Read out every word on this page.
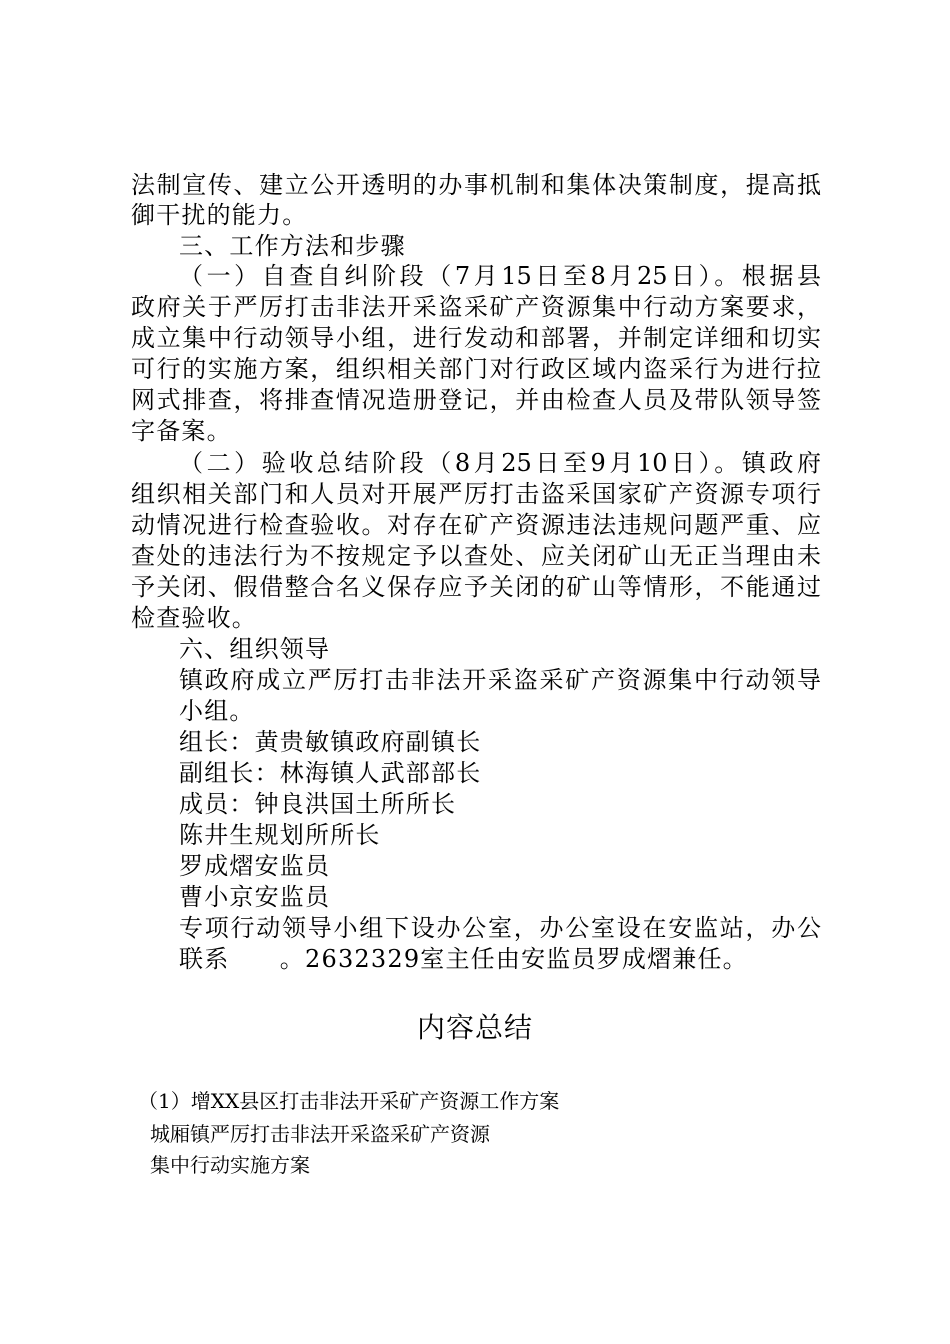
法制宣传、建立公开透明的办事机制和集体决策制度，提高抵
御干扰的能力。
三、工作方法和步骤
（一）自查自纠阶段（7月15日至8月25日）。根据县
政府关于严厉打击非法开采盗采矿产资源集中行动方案要求，
成立集中行动领导小组，进行发动和部署，并制定详细和切实
可行的实施方案，组织相关部门对行政区域内盗采行为进行拉
网式排查，将排查情况造册登记，并由检查人员及带队领导签
字备案。
（二）验收总结阶段（8月25日至9月10日）。镇政府
组织相关部门和人员对开展严厉打击盗采国家矿产资源专项行
动情况进行检查验收。对存在矿产资源违法违规问题严重、应
查处的违法行为不按规定予以查处、应关闭矿山无正当理由未
予关闭、假借整合名义保存应予关闭的矿山等情形，不能通过
检查验收。
六、组织领导
镇政府成立严厉打击非法开采盗采矿产资源集中行动领导
小组。
组长：黄贵敏镇政府副镇长
副组长：林海镇人武部部长
成员：钟良洪国土所所长
陈井生规划所所长
罗成熠安监员
曹小京安监员
专项行动领导小组下设办公室，办公室设在安监站，办公
联系　　。2632329室主任由安监员罗成熠兼任。
内容总结
（1）增XX县区打击非法开采矿产资源工作方案
城厢镇严厉打击非法开采盗采矿产资源
集中行动实施方案
